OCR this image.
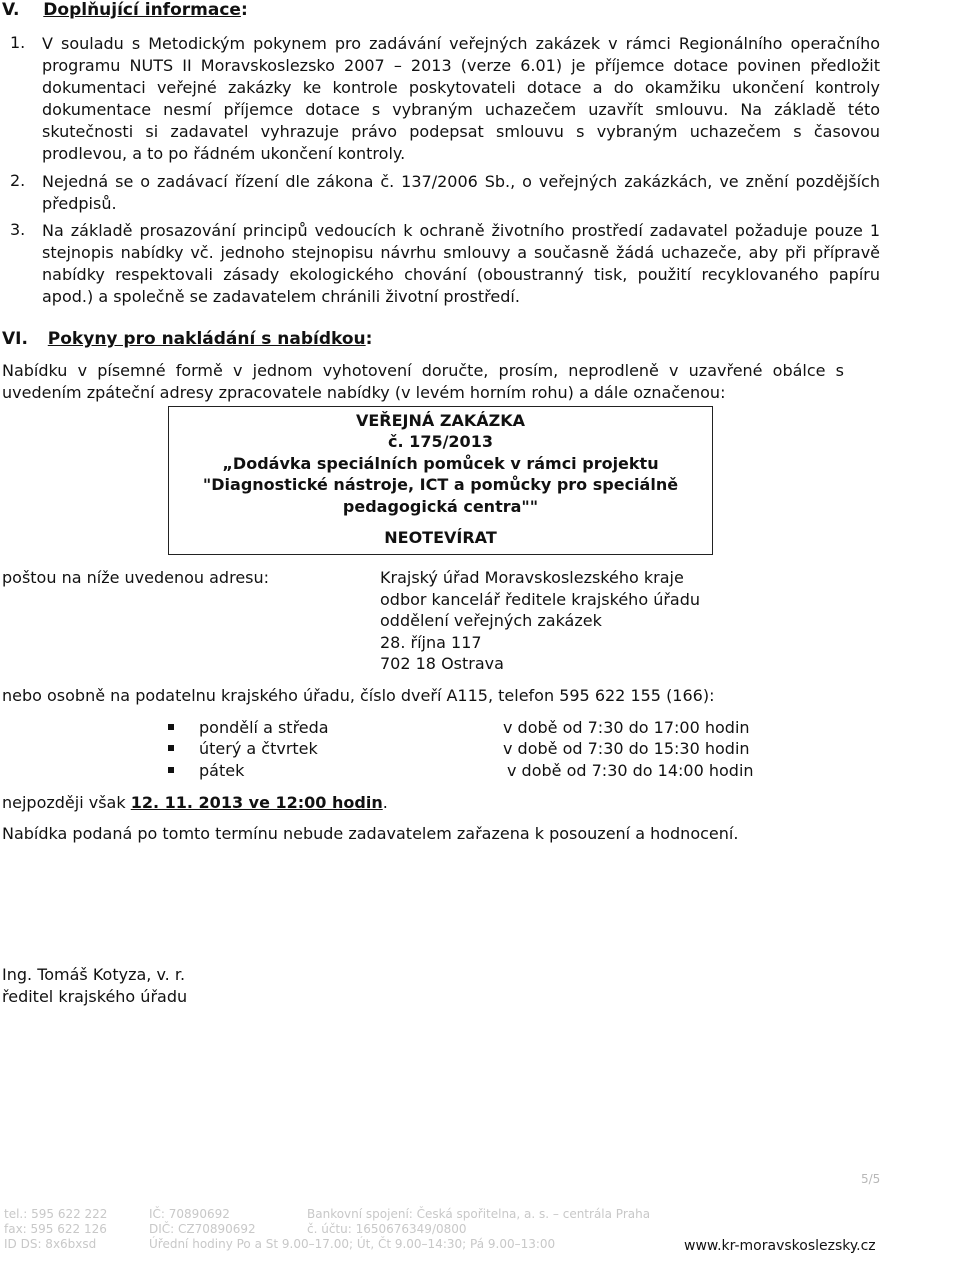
V. Doplňující informace:
1. V souladu s Metodickým pokynem pro zadávání veřejných zakázek v rámci Regionálního operačního programu NUTS II Moravskoslezsko 2007 – 2013 (verze 6.01) je příjemce dotace povinen předložit dokumentaci veřejné zakázky ke kontrole poskytovateli dotace a do okamžiku ukončení kontroly dokumentace nesmí příjemce dotace s vybraným uchazečem uzavřít smlouvu. Na základě této skutečnosti si zadavatel vyhrazuje právo podepsat smlouvu s vybraným uchazečem s časovou prodlevou, a to po řádném ukončení kontroly.
2. Nejedná se o zadávací řízení dle zákona č. 137/2006 Sb., o veřejných zakázkách, ve znění pozdějších předpisů.
3. Na základě prosazování principů vedoucích k ochraně životního prostředí zadavatel požaduje pouze 1 stejnopis nabídky vč. jednoho stejnopisu návrhu smlouvy a současně žádá uchazeče, aby při přípravě nabídky respektovali zásady ekologického chování (oboustranný tisk, použití recyklovaného papíru apod.) a společně se zadavatelem chránili životní prostředí.
VI. Pokyny pro nakládání s nabídkou:
Nabídku v písemné formě v jednom vyhotovení doručte, prosím, neprodleně v uzavřené obálce s uvedením zpáteční adresy zpracovatele nabídky (v levém horním rohu) a dále označenou:
VEŘEJNÁ ZAKÁZKA
č. 175/2013
„Dodávka speciálních pomůcek v rámci projektu
"Diagnostické nástroje, ICT a pomůcky pro speciálně
pedagogická centra""
NEOTEVÍRAT
poštou na níže uvedenou adresu:	Krajský úřad Moravskoslezského kraje
odbor kancelář ředitele krajského úřadu
oddělení veřejných zakázek
28. října 117
702 18 Ostrava
nebo osobně na podatelnu krajského úřadu, číslo dveří A115, telefon 595 622 155 (166):
pondělí a středa	v době od 7:30 do 17:00 hodin
úterý a čtvrtek	v době od 7:30 do 15:30 hodin
pátek	v době od 7:30 do 14:00 hodin
nejpozději však 12. 11. 2013 ve 12:00 hodin.
Nabídka podaná po tomto termínu nebude zadavatelem zařazena k posouzení a hodnocení.
Ing. Tomáš Kotyza, v. r.
ředitel krajského úřadu
5/5
tel.: 595 622 222
fax: 595 622 126
ID DS: 8x6bxsd
IČ: 70890692
DIČ: CZ70890692
Úřední hodiny Po a St 9.00–17.00; Út, Čt 9.00–14:30; Pá 9.00–13:00
Bankovní spojení: Česká spořitelna, a. s. – centrála Praha
č. účtu: 1650676349/0800
www.kr-moravskoslezsky.cz
